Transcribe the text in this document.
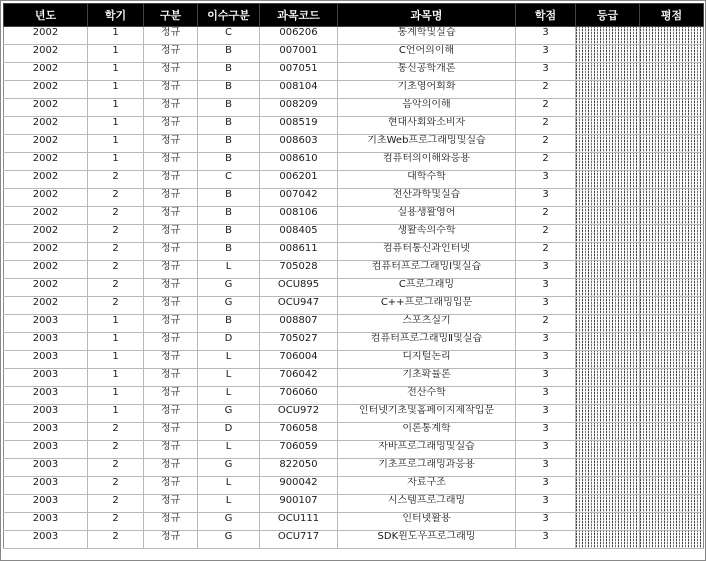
년도	학기	구분	이수구분	과목코드	과목명	학점	등급	평점
2002	1	정규	C	006206	통계학및실습	3	

2002	1	정규	B	007001	C언어의이해	3	

2002	1	정규	B	007051	통신공학개론	3	

2002	1	정규	B	008104	기초영어회화	2	

2002	1	정규	B	008209	음악의이해	2	

2002	1	정규	B	008519	현대사회와소비자	2	

2002	1	정규	B	008603	기초Web프로그래밍및실습	2	

2002	1	정규	B	008610	컴퓨터의이해와응용	2	

2002	2	정규	C	006201	대학수학	3	

2002	2	정규	B	007042	전산과학및실습	3	

2002	2	정규	B	008106	실용생활영어	2	

2002	2	정규	B	008405	생활속의수학	2	

2002	2	정규	B	008611	컴퓨터통신과인터넷	2	

2002	2	정규	L	705028	컴퓨터프로그래밍Ⅰ및실습	3	

2002	2	정규	G	OCU895	C프로그래밍	3	

2002	2	정규	G	OCU947	C++프로그래밍입문	3	

2003	1	정규	B	008807	스포츠실기	2	

2003	1	정규	D	705027	컴퓨터프로그래밍Ⅱ및실습	3	

2003	1	정규	L	706004	디지털논리	3	

2003	1	정규	L	706042	기초확률론	3	

2003	1	정규	L	706060	전산수학	3	

2003	1	정규	G	OCU972	인터넷기초및홈페이지제작입문	3	

2003	2	정규	D	706058	이론통계학	3	

2003	2	정규	L	706059	자바프로그래밍및실습	3	

2003	2	정규	G	822050	기초프로그래밍과응용	3	

2003	2	정규	L	900042	자료구조	3	

2003	2	정규	L	900107	시스템프로그래밍	3	

2003	2	정규	G	OCU111	인터넷활용	3	

2003	2	정규	G	OCU717	SDK윈도우프로그래밍	3	
